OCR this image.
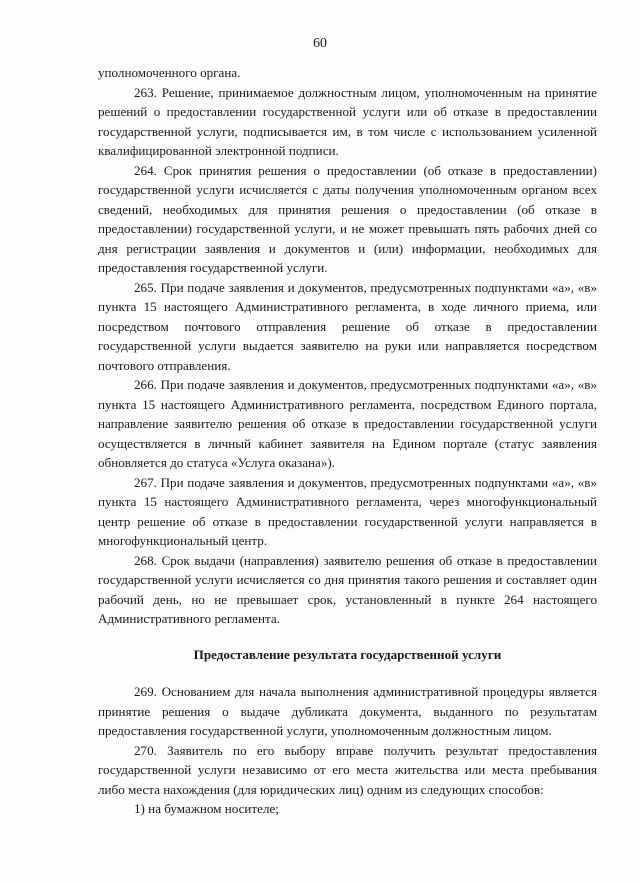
60

уполномоченного органа.

263. Решение, принимаемое должностным лицом, уполномоченным на принятие решений о предоставлении государственной услуги или об отказе в предоставлении государственной услуги, подписывается им, в том числе с использованием усиленной квалифицированной электронной подписи.

264. Срок принятия решения о предоставлении (об отказе в предоставлении) государственной услуги исчисляется с даты получения уполномоченным органом всех сведений, необходимых для принятия решения о предоставлении (об отказе в предоставлении) государственной услуги, и не может превышать пять рабочих дней со дня регистрации заявления и документов и (или) информации, необходимых для предоставления государственной услуги.

265. При подаче заявления и документов, предусмотренных подпунктами «а», «в» пункта 15 настоящего Административного регламента, в ходе личного приема, или посредством почтового отправления решение об отказе в предоставлении государственной услуги выдается заявителю на руки или направляется посредством почтового отправления.

266. При подаче заявления и документов, предусмотренных подпунктами «а», «в» пункта 15 настоящего Административного регламента, посредством Единого портала, направление заявителю решения об отказе в предоставлении государственной услуги осуществляется в личный кабинет заявителя на Едином портале (статус заявления обновляется до статуса «Услуга оказана»).

267. При подаче заявления и документов, предусмотренных подпунктами «а», «в» пункта 15 настоящего Административного регламента, через многофункциональный центр решение об отказе в предоставлении государственной услуги направляется в многофункциональный центр.

268. Срок выдачи (направления) заявителю решения об отказе в предоставлении государственной услуги исчисляется со дня принятия такого решения и составляет один рабочий день, но не превышает срок, установленный в пункте 264 настоящего Административного регламента.

Предоставление результата государственной услуги

269. Основанием для начала выполнения административной процедуры является принятие решения о выдаче дубликата документа, выданного по результатам предоставления государственной услуги, уполномоченным должностным лицом.

270. Заявитель по его выбору вправе получить результат предоставления государственной услуги независимо от его места жительства или места пребывания либо места нахождения (для юридических лиц) одним из следующих способов:

1) на бумажном носителе;
